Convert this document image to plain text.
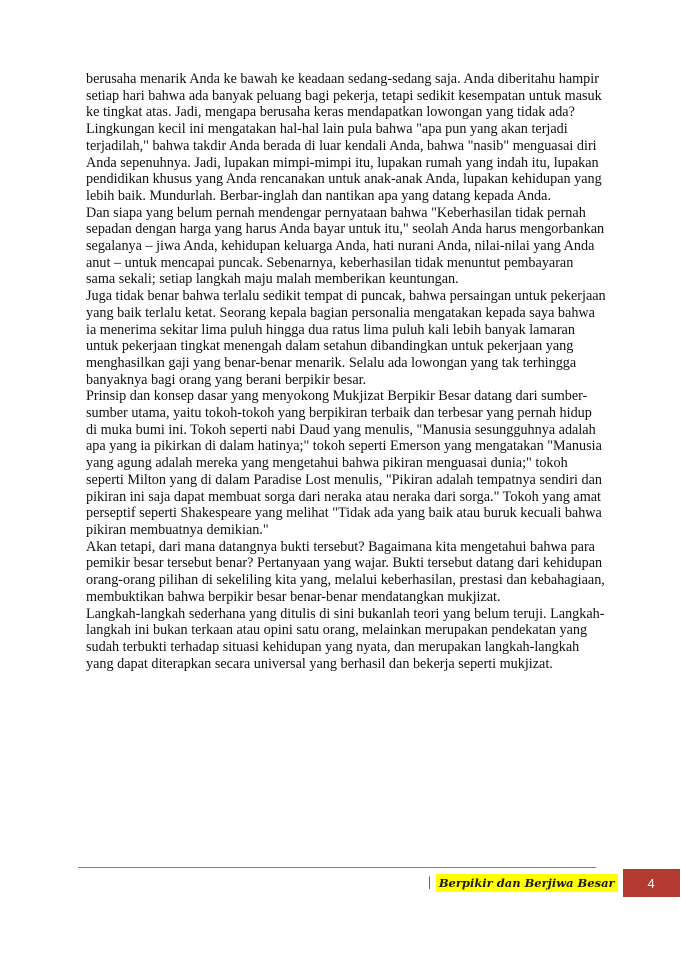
berusaha menarik Anda ke bawah ke keadaan sedang-sedang saja. Anda diberitahu hampir setiap hari bahwa ada banyak peluang bagi pekerja, tetapi sedikit kesempatan untuk masuk ke tingkat atas. Jadi, mengapa berusaha keras mendapatkan lowongan yang tidak ada?

Lingkungan kecil ini mengatakan hal-hal lain pula bahwa "apa pun yang akan terjadi terjadilah," bahwa takdir Anda berada di luar kendali Anda, bahwa "nasib" menguasai diri Anda sepenuhnya. Jadi, lupakan mimpi-mimpi itu, lupakan rumah yang indah itu, lupakan pendidikan khusus yang Anda rencanakan untuk anak-anak Anda, lupakan kehidupan yang lebih baik. Mundurlah. Berbar-inglah dan nantikan apa yang datang kepada Anda.

Dan siapa yang belum pernah mendengar pernyataan bahwa "Keberhasilan tidak pernah sepadan dengan harga yang harus Anda bayar untuk itu," seolah Anda harus mengorbankan segalanya – jiwa Anda, kehidupan keluarga Anda, hati nurani Anda, nilai-nilai yang Anda anut – untuk mencapai puncak. Sebenarnya, keberhasilan tidak menuntut pembayaran sama sekali; setiap langkah maju malah memberikan keuntungan.

Juga tidak benar bahwa terlalu sedikit tempat di puncak, bahwa persaingan untuk pekerjaan yang baik terlalu ketat. Seorang kepala bagian personalia mengatakan kepada saya bahwa ia menerima sekitar lima puluh hingga dua ratus lima puluh kali lebih banyak lamaran untuk pekerjaan tingkat menengah dalam setahun dibandingkan untuk pekerjaan yang menghasilkan gaji yang benar-benar menarik. Selalu ada lowongan yang tak terhingga banyaknya bagi orang yang berani berpikir besar.

Prinsip dan konsep dasar yang menyokong Mukjizat Berpikir Besar datang dari sumber-sumber utama, yaitu tokoh-tokoh yang berpikiran terbaik dan terbesar yang pernah hidup di muka bumi ini. Tokoh seperti nabi Daud yang menulis, "Manusia sesungguhnya adalah apa yang ia pikirkan di dalam hatinya;" tokoh seperti Emerson yang mengatakan "Manusia yang agung adalah mereka yang mengetahui bahwa pikiran menguasai dunia;" tokoh seperti Milton yang di dalam Paradise Lost menulis, "Pikiran adalah tempatnya sendiri dan pikiran ini saja dapat membuat sorga dari neraka atau neraka dari sorga." Tokoh yang amat perseptif seperti Shakespeare yang melihat "Tidak ada yang baik atau buruk kecuali bahwa pikiran membuatnya demikian."

Akan tetapi, dari mana datangnya bukti tersebut? Bagaimana kita mengetahui bahwa para pemikir besar tersebut benar? Pertanyaan yang wajar. Bukti tersebut datang dari kehidupan orang-orang pilihan di sekeliling kita yang, melalui keberhasilan, prestasi dan kebahagiaan, membuktikan bahwa berpikir besar benar-benar mendatangkan mukjizat.

Langkah-langkah sederhana yang ditulis di sini bukanlah teori yang belum teruji. Langkah-langkah ini bukan terkaan atau opini satu orang, melainkan merupakan pendekatan yang sudah terbukti terhadap situasi kehidupan yang nyata, dan merupakan langkah-langkah yang dapat diterapkan secara universal yang berhasil dan bekerja seperti mukjizat.

| Berpikir dan Berjiwa Besar	4
